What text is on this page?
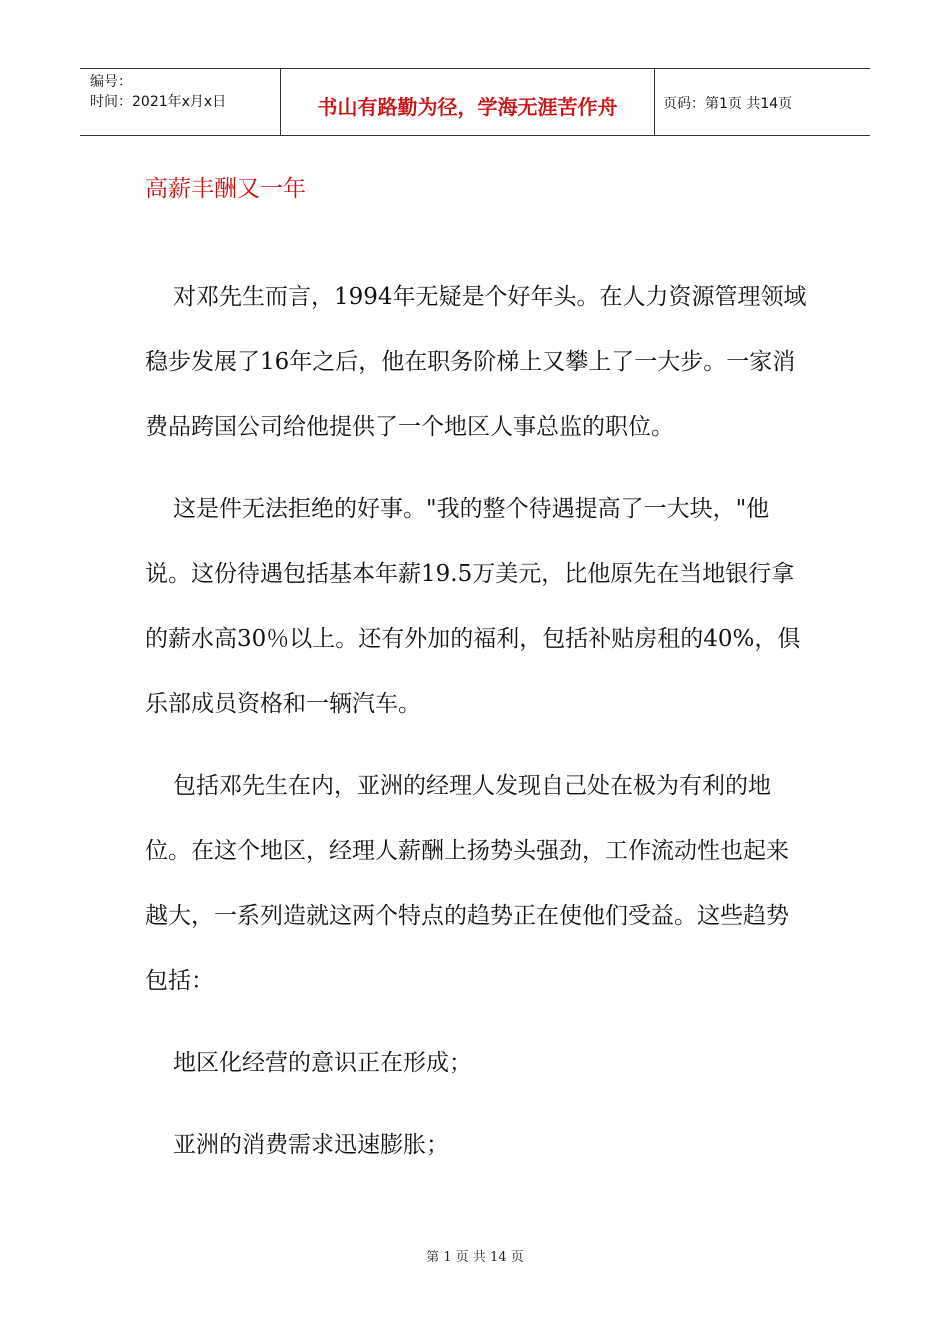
编号：
时间：2021年x月x日	书山有路勤为径，学海无涯苦作舟	页码：第1页 共14页
高薪丰酬又一年

对邓先生而言，1994年无疑是个好年头。在人力资源管理领域稳步发展了16年之后，他在职务阶梯上又攀上了一大步。一家消费品跨国公司给他提供了一个地区人事总监的职位。

这是件无法拒绝的好事。"我的整个待遇提高了一大块，"他说。这份待遇包括基本年薪19.5万美元，比他原先在当地银行拿的薪水高30％以上。还有外加的福利，包括补贴房租的40%，俱乐部成员资格和一辆汽车。

包括邓先生在内，亚洲的经理人发现自己处在极为有利的地位。在这个地区，经理人薪酬上扬势头强劲，工作流动性也起来越大，一系列造就这两个特点的趋势正在使他们受益。这些趋势包括：

地区化经营的意识正在形成；

亚洲的消费需求迅速膨胀；

第 1 页 共 14 页
